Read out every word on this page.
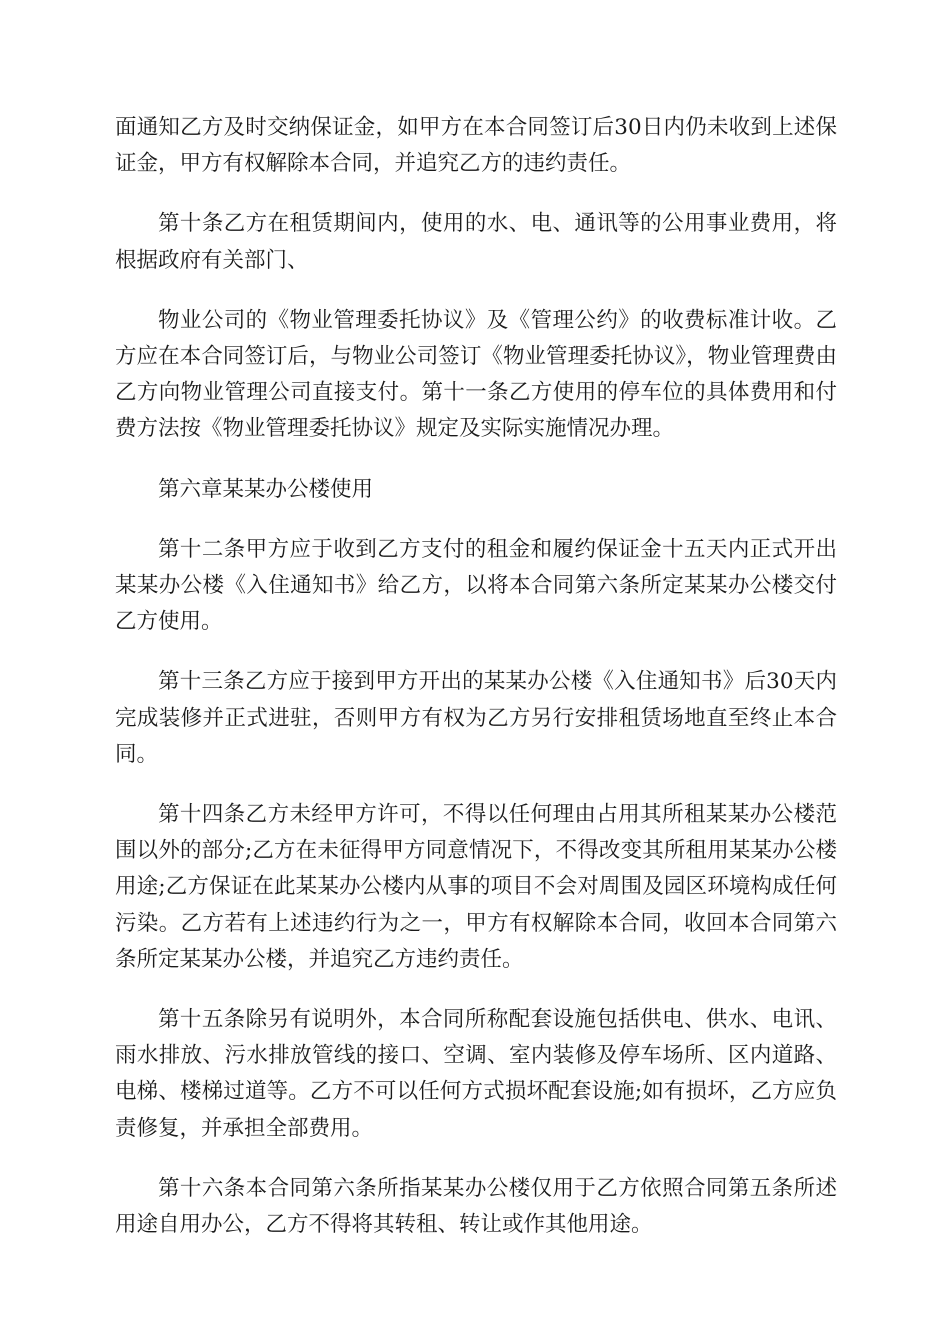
面通知乙方及时交纳保证金，如甲方在本合同签订后30日内仍未收到上述保证金，甲方有权解除本合同，并追究乙方的违约责任。

第十条乙方在租赁期间内，使用的水、电、通讯等的公用事业费用，将根据政府有关部门、

物业公司的《物业管理委托协议》及《管理公约》的收费标准计收。乙方应在本合同签订后，与物业公司签订《物业管理委托协议》，物业管理费由乙方向物业管理公司直接支付。第十一条乙方使用的停车位的具体费用和付费方法按《物业管理委托协议》规定及实际实施情况办理。

第六章某某办公楼使用

第十二条甲方应于收到乙方支付的租金和履约保证金十五天内正式开出某某办公楼《入住通知书》给乙方，以将本合同第六条所定某某办公楼交付乙方使用。

第十三条乙方应于接到甲方开出的某某办公楼《入住通知书》后30天内完成装修并正式进驻，否则甲方有权为乙方另行安排租赁场地直至终止本合同。

第十四条乙方未经甲方许可，不得以任何理由占用其所租某某办公楼范围以外的部分;乙方在未征得甲方同意情况下，不得改变其所租用某某办公楼用途;乙方保证在此某某办公楼内从事的项目不会对周围及园区环境构成任何污染。乙方若有上述违约行为之一，甲方有权解除本合同，收回本合同第六条所定某某办公楼，并追究乙方违约责任。

第十五条除另有说明外，本合同所称配套设施包括供电、供水、电讯、雨水排放、污水排放管线的接口、空调、室内装修及停车场所、区内道路、电梯、楼梯过道等。乙方不可以任何方式损坏配套设施;如有损坏，乙方应负责修复，并承担全部费用。

第十六条本合同第六条所指某某办公楼仅用于乙方依照合同第五条所述用途自用办公，乙方不得将其转租、转让或作其他用途。
